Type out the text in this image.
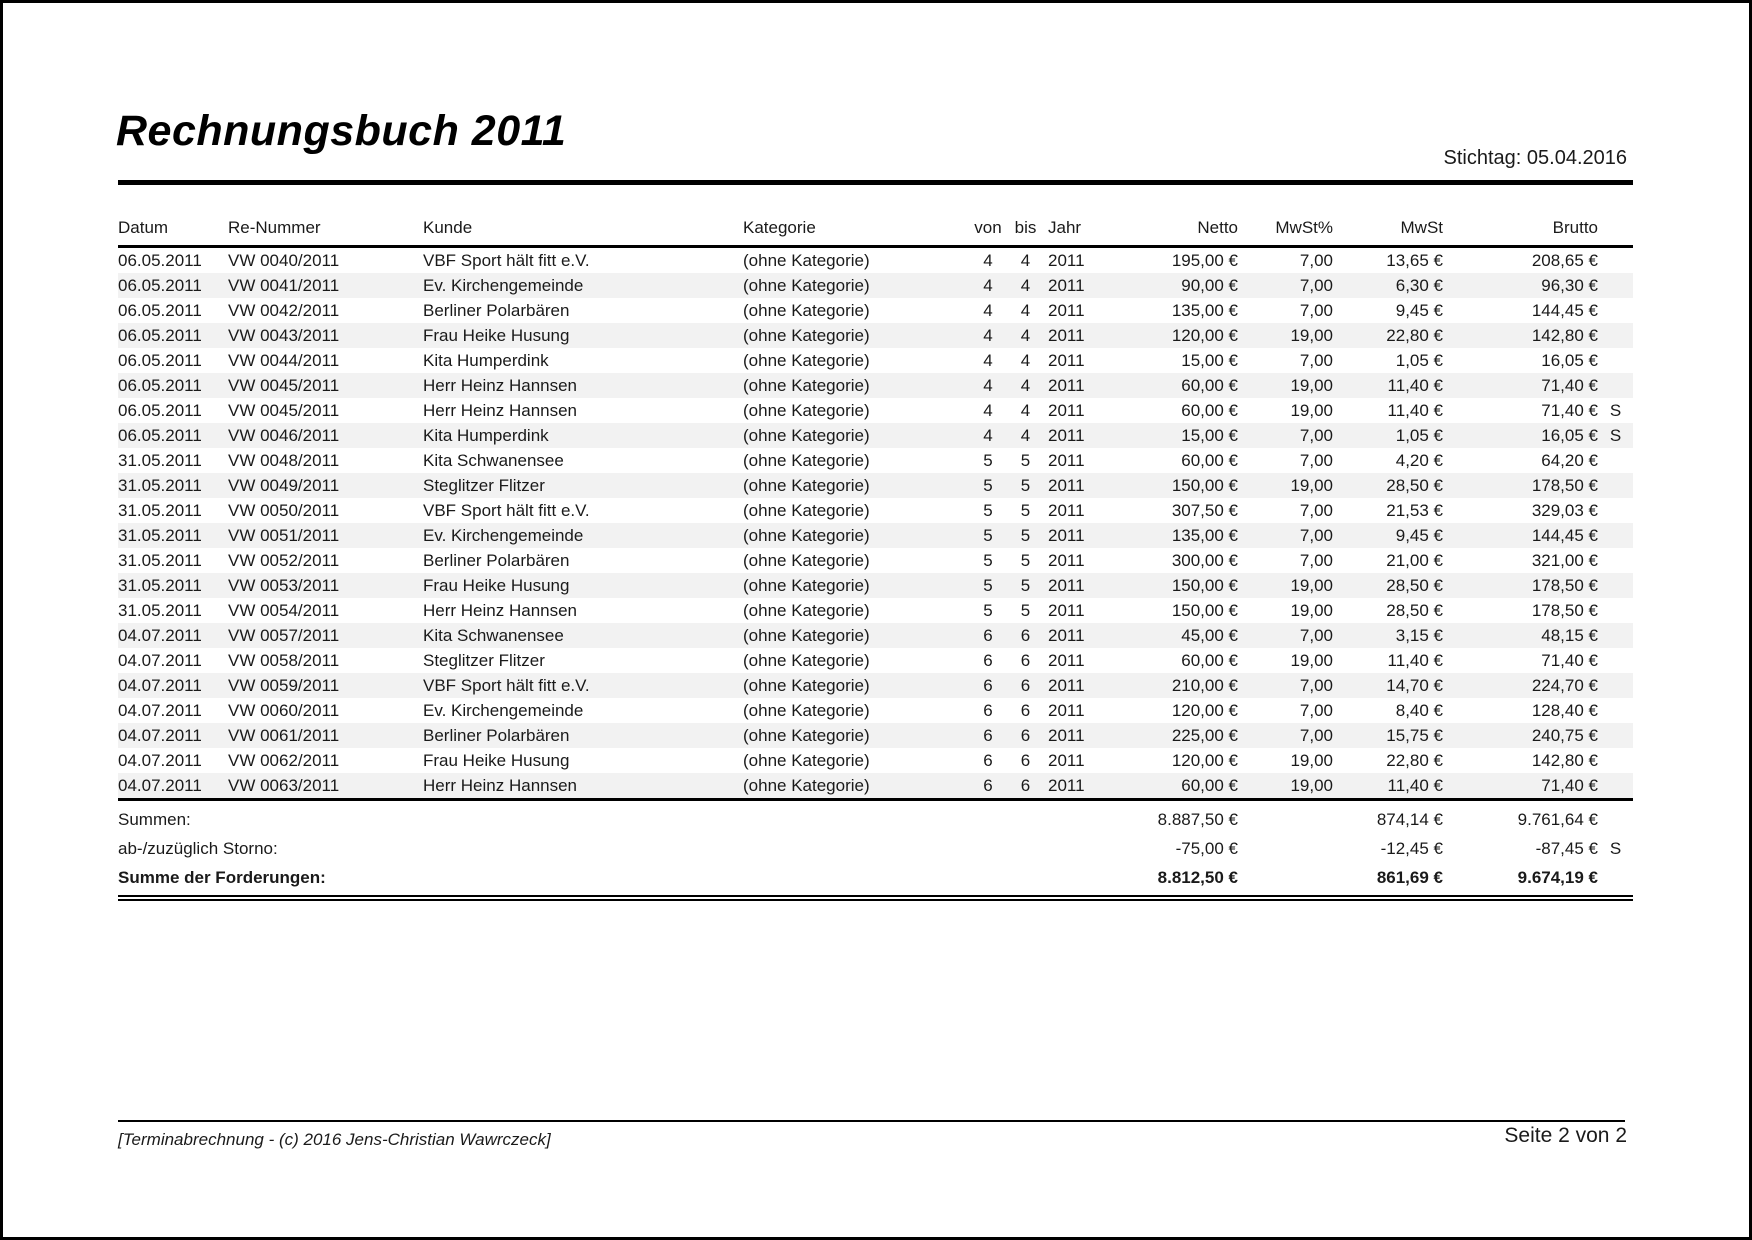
Rechnungsbuch 2011
Stichtag: 05.04.2016
Datum	Re-Nummer	Kunde	Kategorie	von	bis	Jahr	Netto	MwSt%	MwSt	Brutto	
06.05.2011	VW 0040/2011	VBF Sport hält fitt e.V.	(ohne Kategorie)	4	4	2011	195,00 €	7,00	13,65 €	208,65 €	
06.05.2011	VW 0041/2011	Ev. Kirchengemeinde	(ohne Kategorie)	4	4	2011	90,00 €	7,00	6,30 €	96,30 €	
06.05.2011	VW 0042/2011	Berliner Polarbären	(ohne Kategorie)	4	4	2011	135,00 €	7,00	9,45 €	144,45 €	
06.05.2011	VW 0043/2011	Frau Heike Husung	(ohne Kategorie)	4	4	2011	120,00 €	19,00	22,80 €	142,80 €	
06.05.2011	VW 0044/2011	Kita Humperdink	(ohne Kategorie)	4	4	2011	15,00 €	7,00	1,05 €	16,05 €	
06.05.2011	VW 0045/2011	Herr Heinz Hannsen	(ohne Kategorie)	4	4	2011	60,00 €	19,00	11,40 €	71,40 €	
06.05.2011	VW 0045/2011	Herr Heinz Hannsen	(ohne Kategorie)	4	4	2011	60,00 €	19,00	11,40 €	71,40 €	S
06.05.2011	VW 0046/2011	Kita Humperdink	(ohne Kategorie)	4	4	2011	15,00 €	7,00	1,05 €	16,05 €	S
31.05.2011	VW 0048/2011	Kita Schwanensee	(ohne Kategorie)	5	5	2011	60,00 €	7,00	4,20 €	64,20 €	
31.05.2011	VW 0049/2011	Steglitzer Flitzer	(ohne Kategorie)	5	5	2011	150,00 €	19,00	28,50 €	178,50 €	
31.05.2011	VW 0050/2011	VBF Sport hält fitt e.V.	(ohne Kategorie)	5	5	2011	307,50 €	7,00	21,53 €	329,03 €	
31.05.2011	VW 0051/2011	Ev. Kirchengemeinde	(ohne Kategorie)	5	5	2011	135,00 €	7,00	9,45 €	144,45 €	
31.05.2011	VW 0052/2011	Berliner Polarbären	(ohne Kategorie)	5	5	2011	300,00 €	7,00	21,00 €	321,00 €	
31.05.2011	VW 0053/2011	Frau Heike Husung	(ohne Kategorie)	5	5	2011	150,00 €	19,00	28,50 €	178,50 €	
31.05.2011	VW 0054/2011	Herr Heinz Hannsen	(ohne Kategorie)	5	5	2011	150,00 €	19,00	28,50 €	178,50 €	
04.07.2011	VW 0057/2011	Kita Schwanensee	(ohne Kategorie)	6	6	2011	45,00 €	7,00	3,15 €	48,15 €	
04.07.2011	VW 0058/2011	Steglitzer Flitzer	(ohne Kategorie)	6	6	2011	60,00 €	19,00	11,40 €	71,40 €	
04.07.2011	VW 0059/2011	VBF Sport hält fitt e.V.	(ohne Kategorie)	6	6	2011	210,00 €	7,00	14,70 €	224,70 €	
04.07.2011	VW 0060/2011	Ev. Kirchengemeinde	(ohne Kategorie)	6	6	2011	120,00 €	7,00	8,40 €	128,40 €	
04.07.2011	VW 0061/2011	Berliner Polarbären	(ohne Kategorie)	6	6	2011	225,00 €	7,00	15,75 €	240,75 €	
04.07.2011	VW 0062/2011	Frau Heike Husung	(ohne Kategorie)	6	6	2011	120,00 €	19,00	22,80 €	142,80 €	
04.07.2011	VW 0063/2011	Herr Heinz Hannsen	(ohne Kategorie)	6	6	2011	60,00 €	19,00	11,40 €	71,40 €	
Summen:							8.887,50 €		874,14 €	9.761,64 €	
ab-/zuzüglich Storno:							-75,00 €		-12,45 €	-87,45 €	S
Summe der Forderungen:							8.812,50 €		861,69 €	9.674,19 €	
[Terminabrechnung - (c) 2016 Jens-Christian Wawrczeck]	Seite 2 von 2
